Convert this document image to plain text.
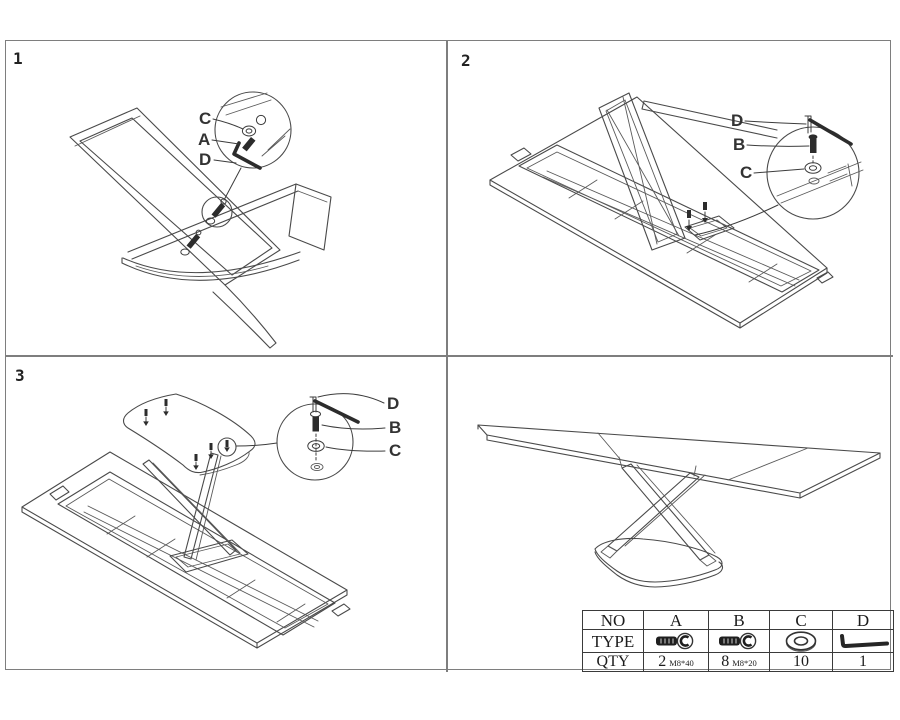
1	2
3
C
A
D
D
B
C
D
B
C
NO	A	B	C	D
TYPE	

QTY	2 M8*40	8 M8*20	10	1
